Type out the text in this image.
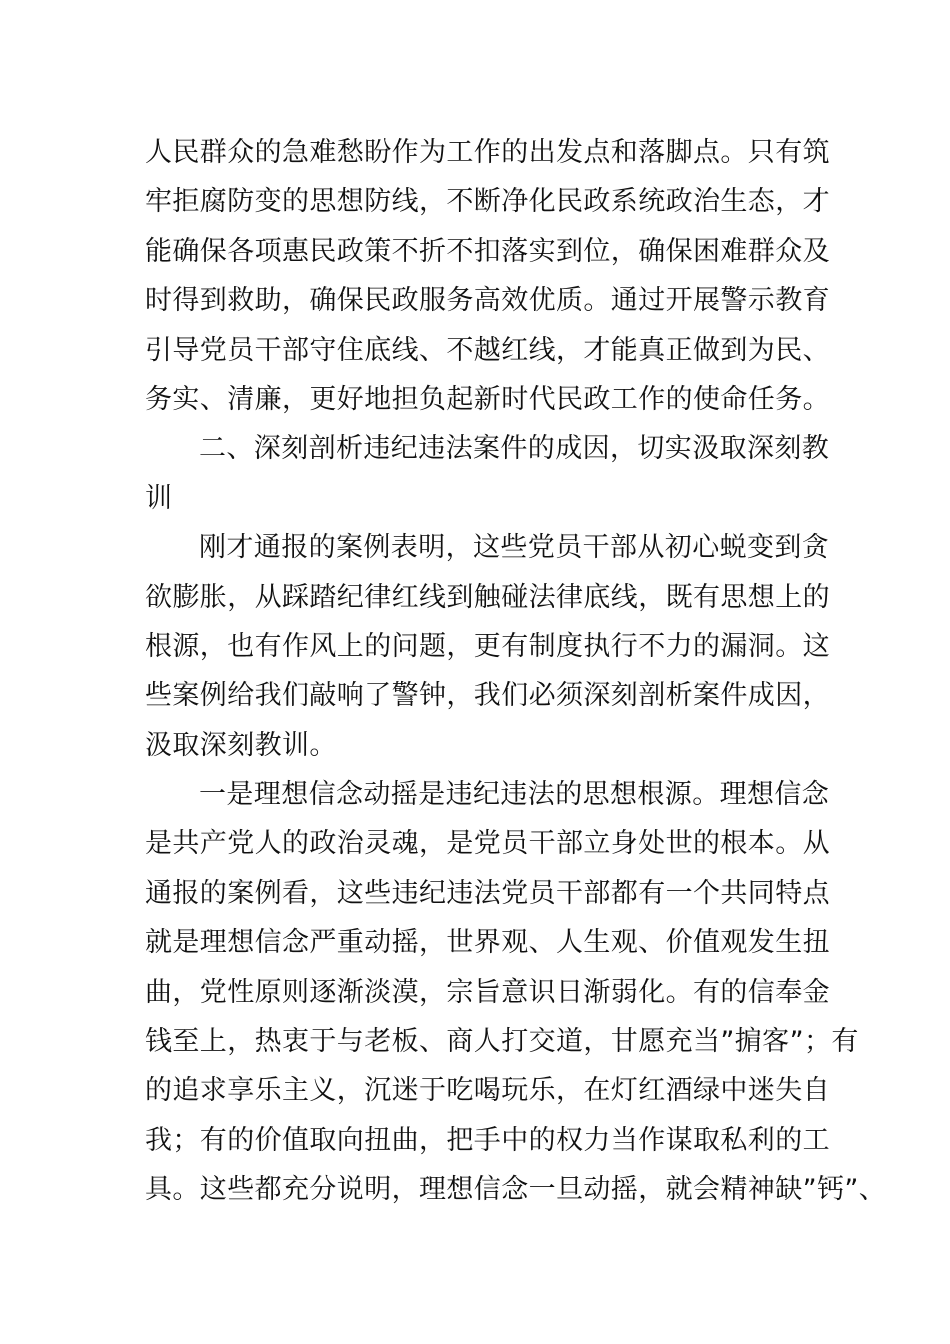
人民群众的急难愁盼作为工作的出发点和落脚点。只有筑
牢拒腐防变的思想防线，不断净化民政系统政治生态，才
能确保各项惠民政策不折不扣落实到位，确保困难群众及
时得到救助，确保民政服务高效优质。通过开展警示教育
引导党员干部守住底线、不越红线，才能真正做到为民、
务实、清廉，更好地担负起新时代民政工作的使命任务。
二、深刻剖析违纪违法案件的成因，切实汲取深刻教
训
刚才通报的案例表明，这些党员干部从初心蜕变到贪
欲膨胀，从踩踏纪律红线到触碰法律底线，既有思想上的
根源，也有作风上的问题，更有制度执行不力的漏洞。这
些案例给我们敲响了警钟，我们必须深刻剖析案件成因，
汲取深刻教训。
一是理想信念动摇是违纪违法的思想根源。理想信念
是共产党人的政治灵魂，是党员干部立身处世的根本。从
通报的案例看，这些违纪违法党员干部都有一个共同特点
就是理想信念严重动摇，世界观、人生观、价值观发生扭
曲，党性原则逐渐淡漠，宗旨意识日渐弱化。有的信奉金
钱至上，热衷于与老板、商人打交道，甘愿充当”掮客”；有
的追求享乐主义，沉迷于吃喝玩乐，在灯红酒绿中迷失自
我；有的价值取向扭曲，把手中的权力当作谋取私利的工
具。这些都充分说明，理想信念一旦动摇，就会精神缺”钙”、
